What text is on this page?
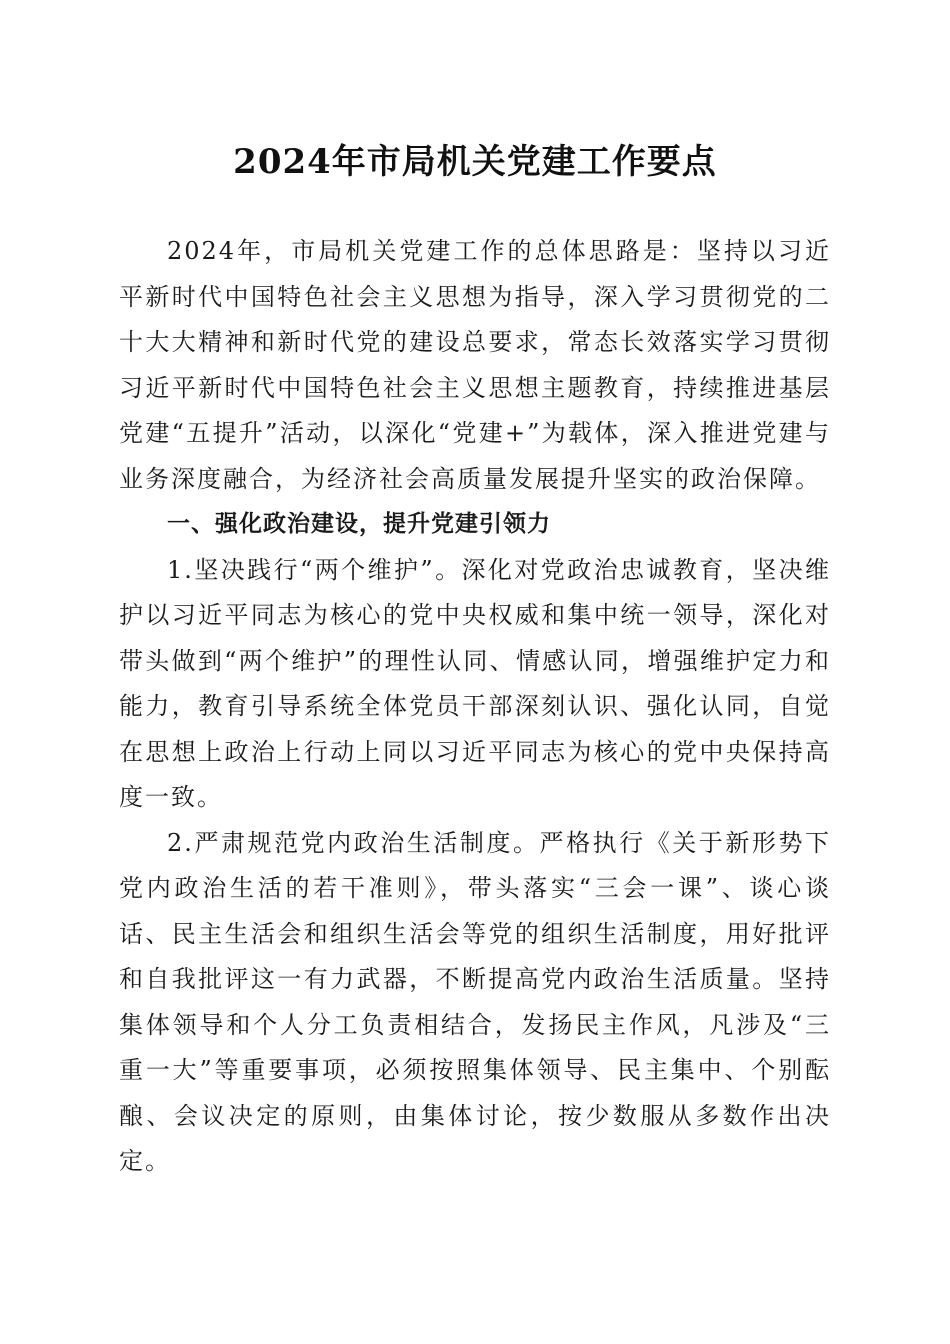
2024年市局机关党建工作要点

2024年，市局机关党建工作的总体思路是：坚持以习近平新时代中国特色社会主义思想为指导，深入学习贯彻党的二十大大精神和新时代党的建设总要求，常态长效落实学习贯彻习近平新时代中国特色社会主义思想主题教育，持续推进基层党建“五提升”活动，以深化“党建+”为载体，深入推进党建与业务深度融合，为经济社会高质量发展提升坚实的政治保障。

一、强化政治建设，提升党建引领力

1.坚决践行“两个维护”。深化对党政治忠诚教育，坚决维护以习近平同志为核心的党中央权威和集中统一领导，深化对带头做到“两个维护”的理性认同、情感认同，增强维护定力和能力，教育引导系统全体党员干部深刻认识、强化认同，自觉在思想上政治上行动上同以习近平同志为核心的党中央保持高度一致。

2.严肃规范党内政治生活制度。严格执行《关于新形势下党内政治生活的若干准则》，带头落实“三会一课”、谈心谈话、民主生活会和组织生活会等党的组织生活制度，用好批评和自我批评这一有力武器，不断提高党内政治生活质量。坚持集体领导和个人分工负责相结合，发扬民主作风，凡涉及“三重一大”等重要事项，必须按照集体领导、民主集中、个别酝酿、会议决定的原则，由集体讨论，按少数服从多数作出决定。
